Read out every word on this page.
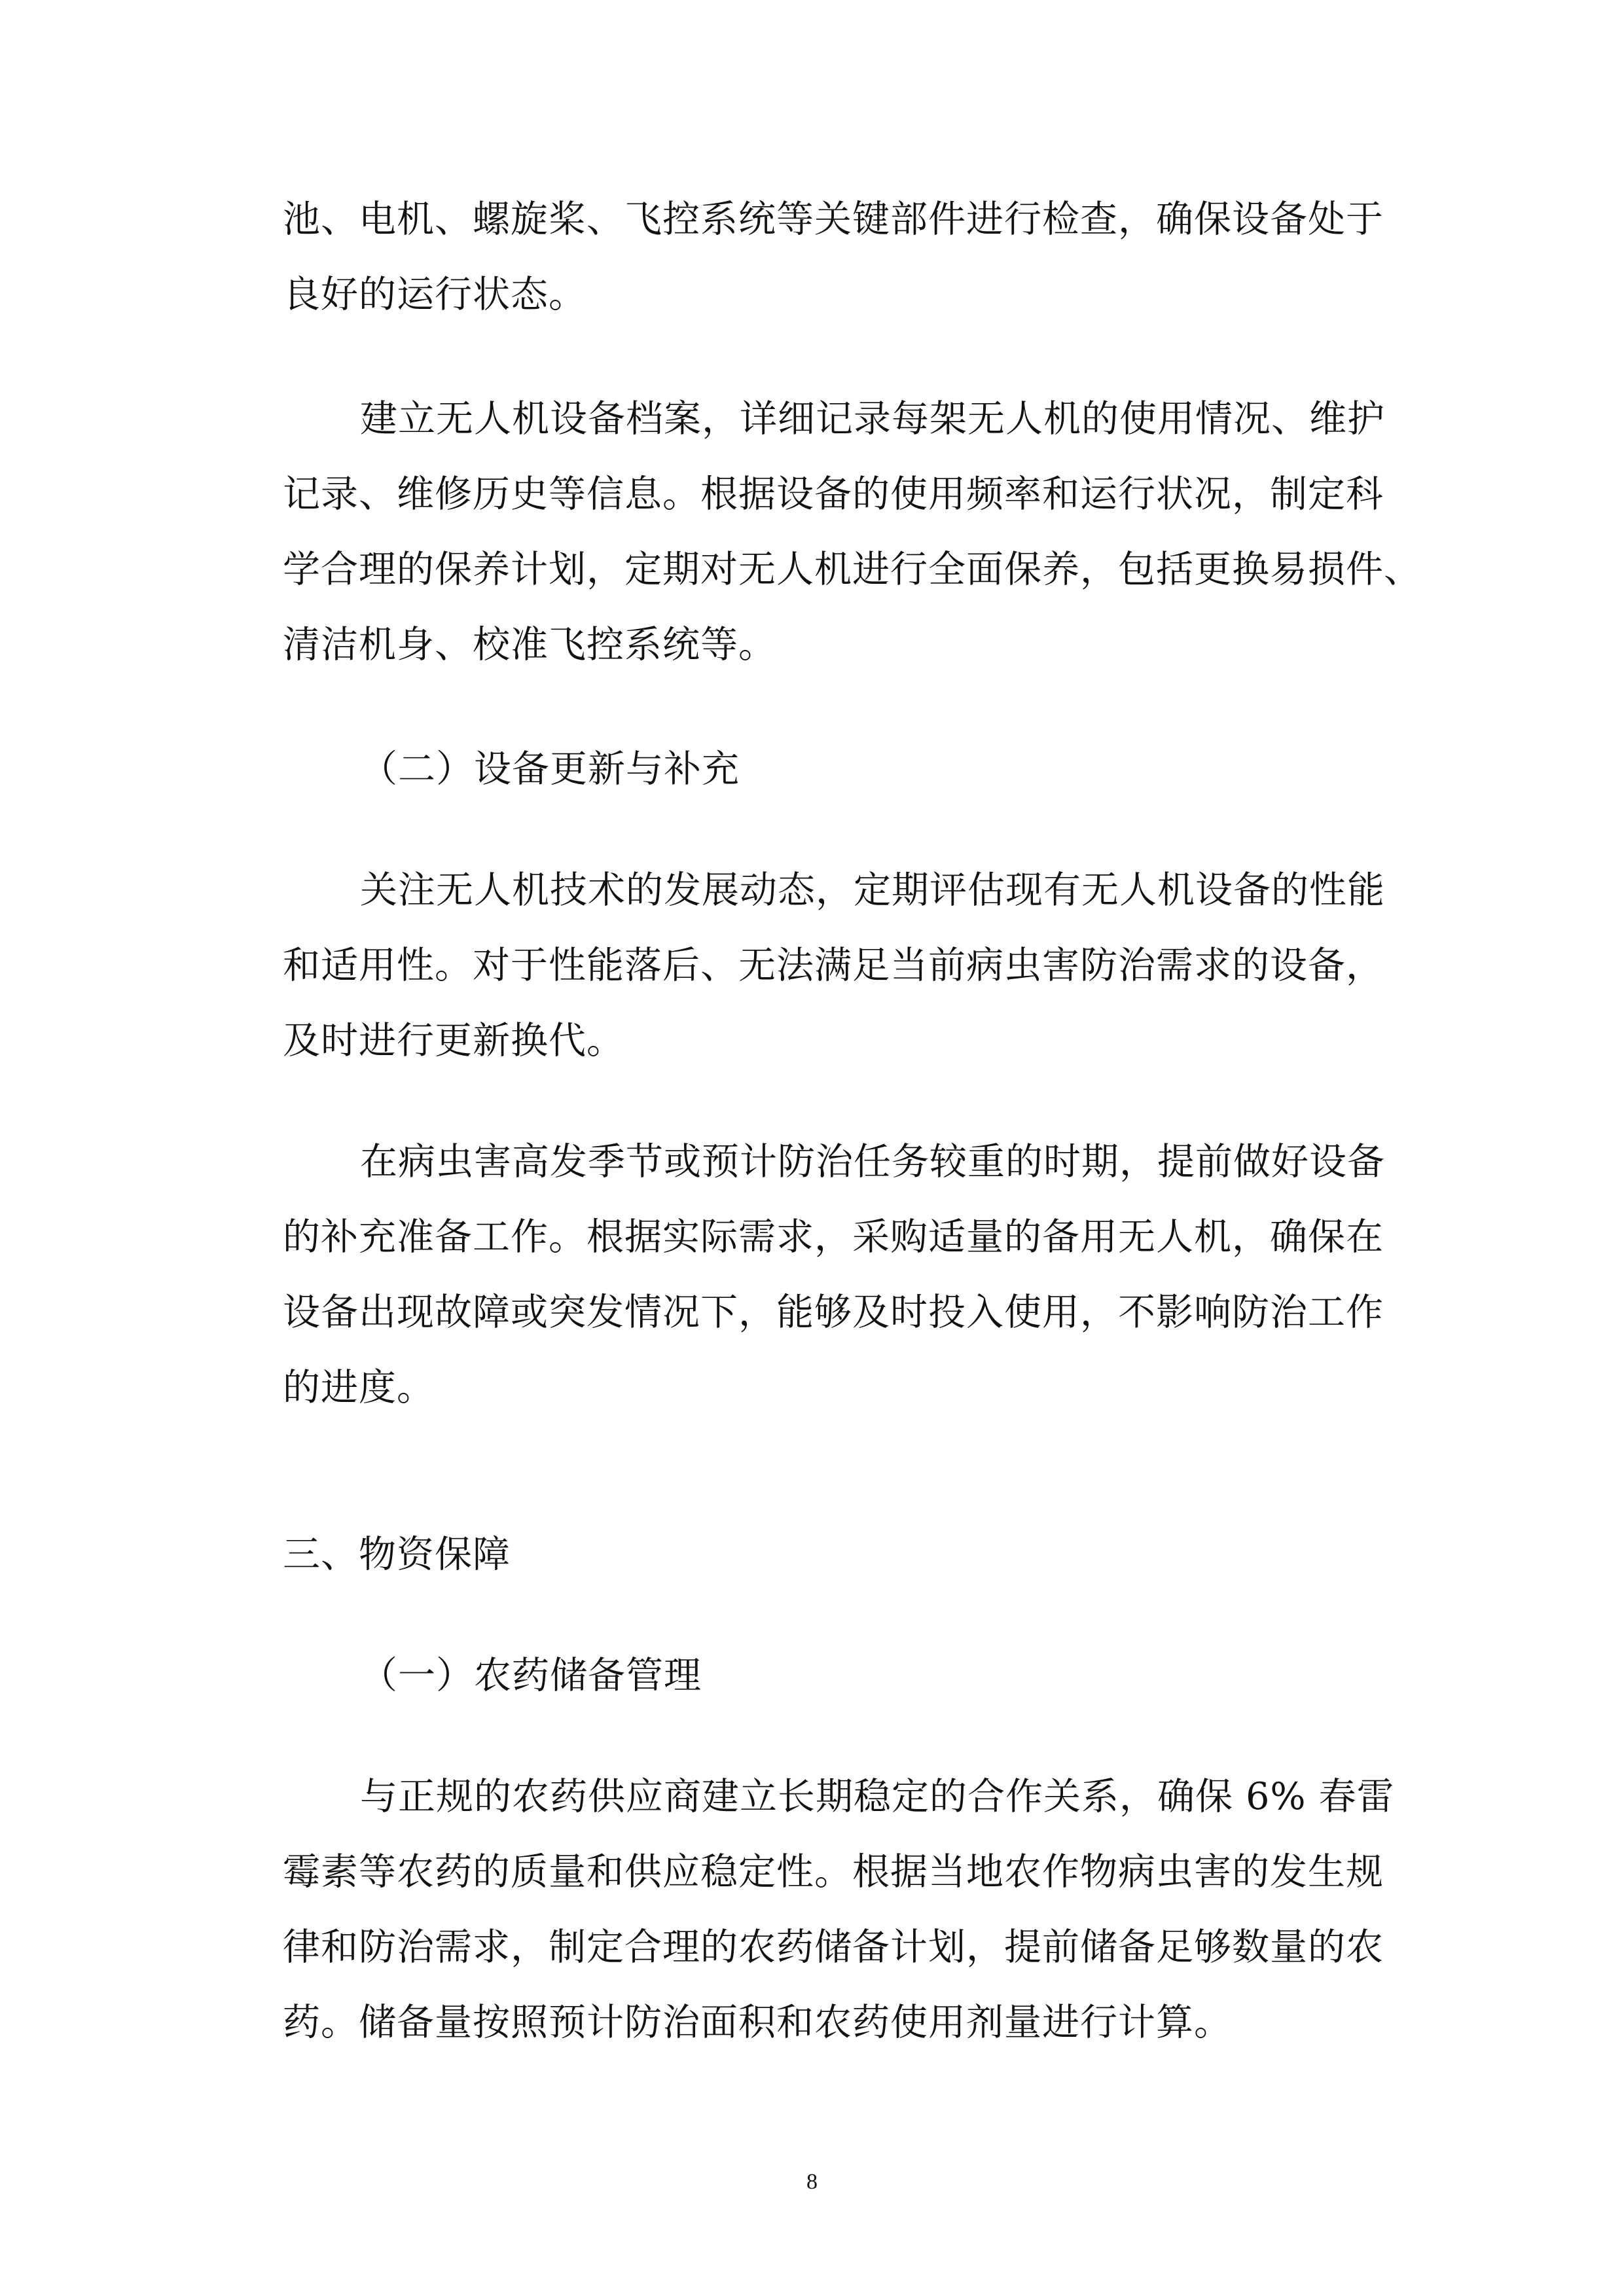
池、电机、螺旋桨、飞控系统等关键部件进行检查，确保设备处于
良好的运行状态。
建立无人机设备档案，详细记录每架无人机的使用情况、维护
记录、维修历史等信息。根据设备的使用频率和运行状况，制定科
学合理的保养计划，定期对无人机进行全面保养，包括更换易损件、
清洁机身、校准飞控系统等。
（二）设备更新与补充
关注无人机技术的发展动态，定期评估现有无人机设备的性能
和适用性。对于性能落后、无法满足当前病虫害防治需求的设备，
及时进行更新换代。
在病虫害高发季节或预计防治任务较重的时期，提前做好设备
的补充准备工作。根据实际需求，采购适量的备用无人机，确保在
设备出现故障或突发情况下，能够及时投入使用，不影响防治工作
的进度。
三、物资保障
（一）农药储备管理
与正规的农药供应商建立长期稳定的合作关系，确保 6% 春雷
霉素等农药的质量和供应稳定性。根据当地农作物病虫害的发生规
律和防治需求，制定合理的农药储备计划，提前储备足够数量的农
药。储备量按照预计防治面积和农药使用剂量进行计算。
8
